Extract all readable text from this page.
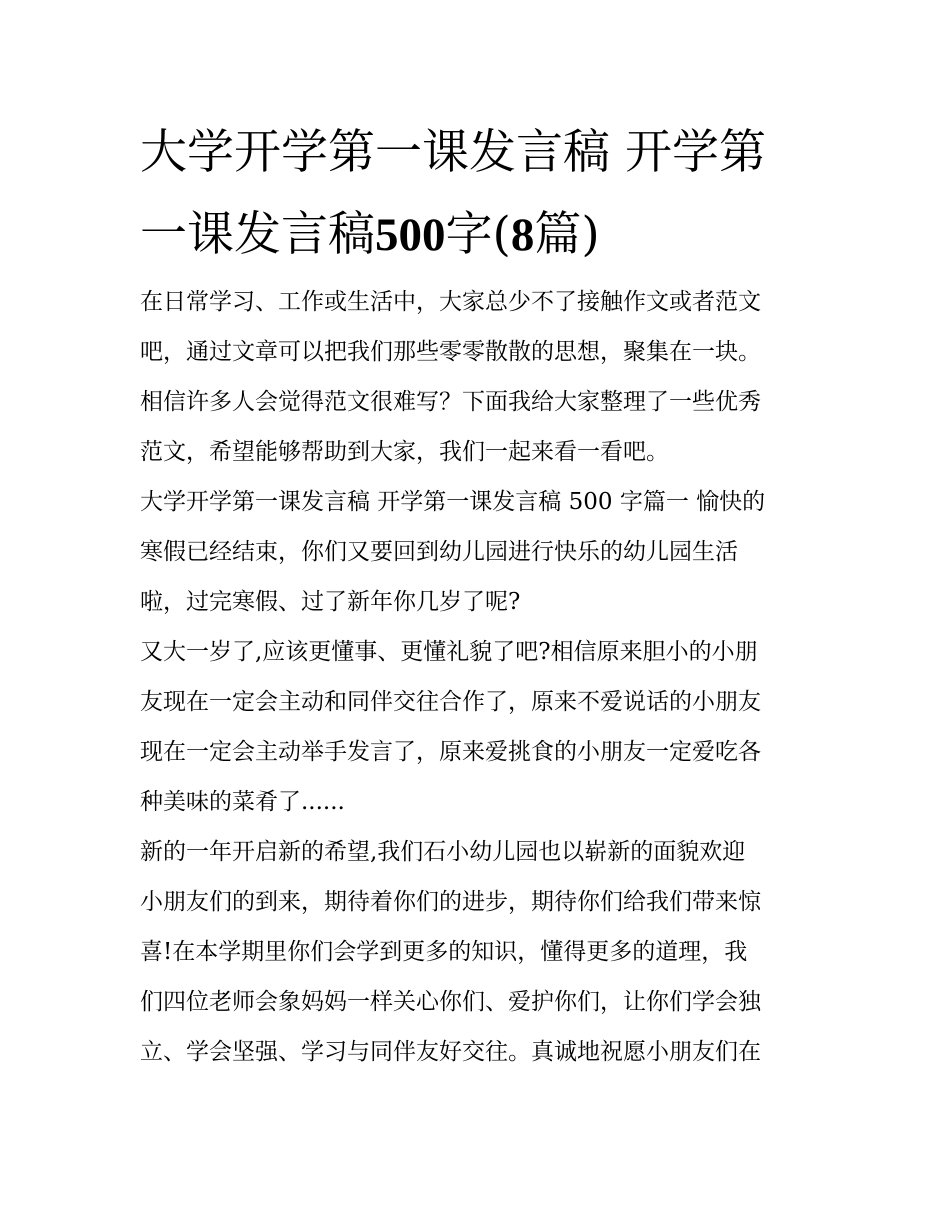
大学开学第一课发言稿 开学第
一课发言稿500字(8篇)
在日常学习、工作或生活中，大家总少不了接触作文或者范文
吧，通过文章可以把我们那些零零散散的思想，聚集在一块。
相信许多人会觉得范文很难写？下面我给大家整理了一些优秀
范文，希望能够帮助到大家，我们一起来看一看吧。
大学开学第一课发言稿 开学第一课发言稿 500 字篇一 愉快的
寒假已经结束，你们又要回到幼儿园进行快乐的幼儿园生活
啦，过完寒假、过了新年你几岁了呢?
又大一岁了,应该更懂事、更懂礼貌了吧?相信原来胆小的小朋
友现在一定会主动和同伴交往合作了，原来不爱说话的小朋友
现在一定会主动举手发言了，原来爱挑食的小朋友一定爱吃各
种美味的菜肴了......
新的一年开启新的希望,我们石小幼儿园也以崭新的面貌欢迎
小朋友们的到来，期待着你们的进步，期待你们给我们带来惊
喜!在本学期里你们会学到更多的知识，懂得更多的道理，我
们四位老师会象妈妈一样关心你们、爱护你们，让你们学会独
立、学会坚强、学习与同伴友好交往。真诚地祝愿小朋友们在
